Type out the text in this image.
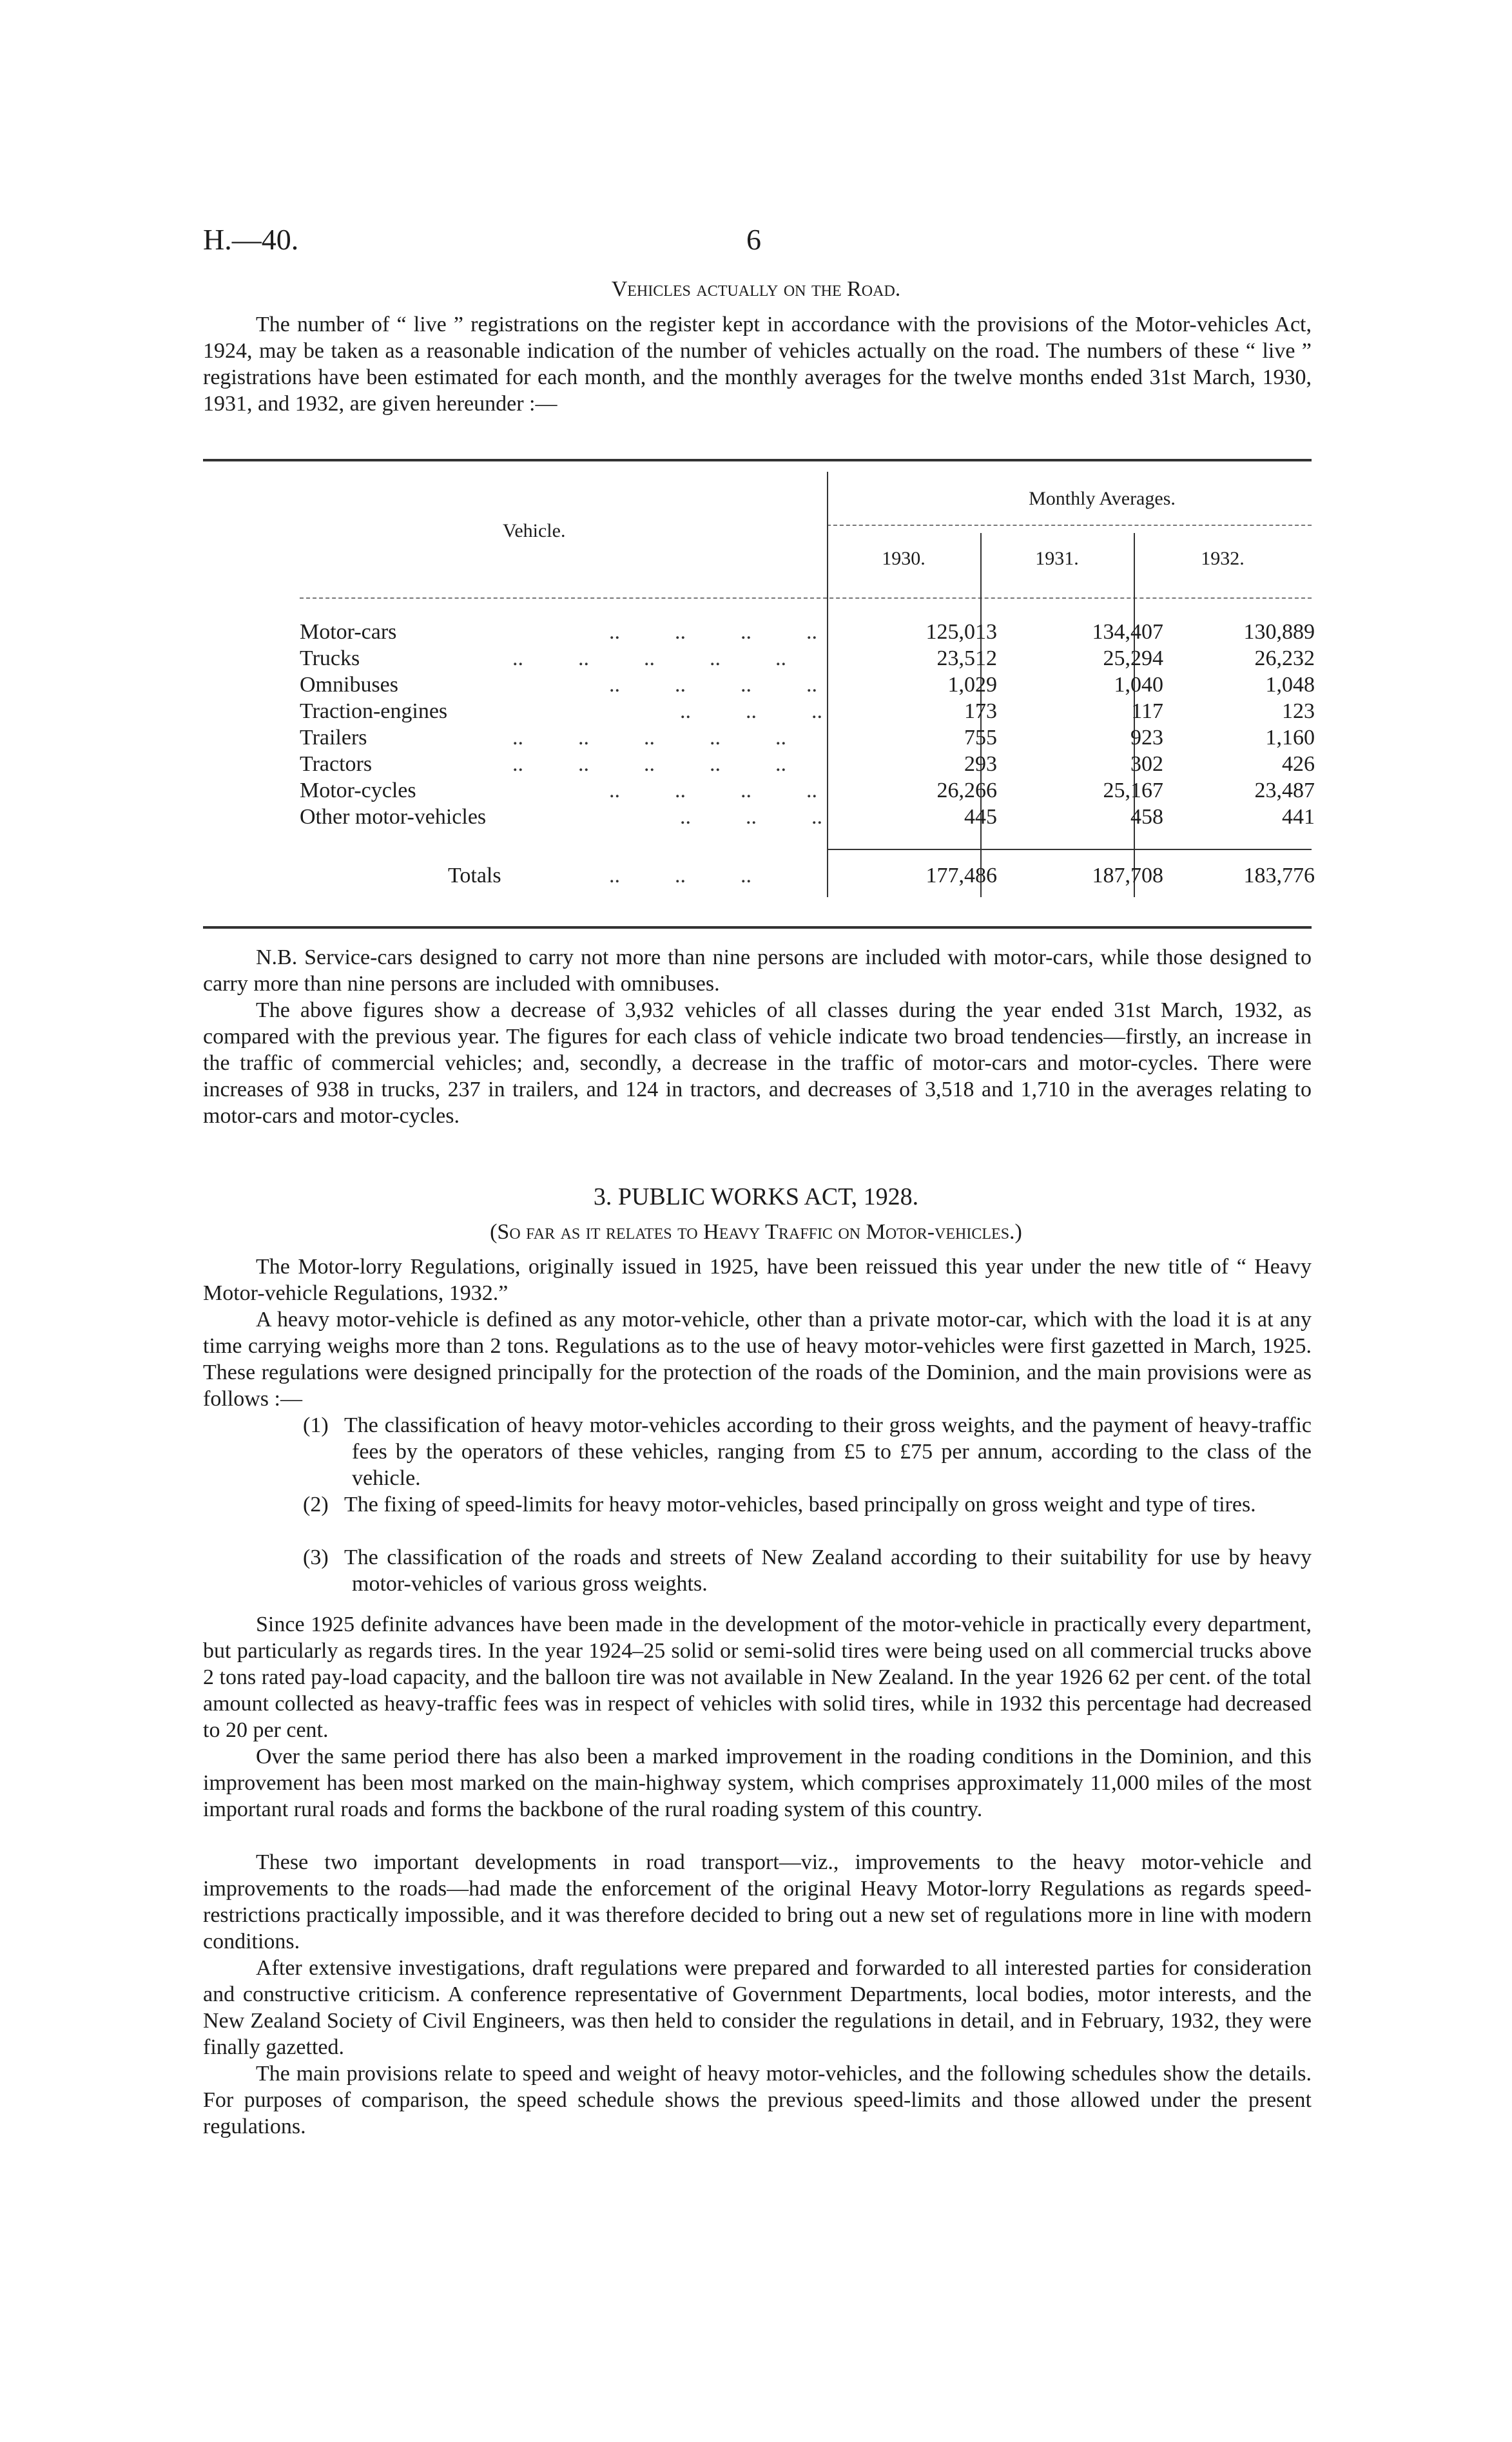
H.—40.	6
Vehicles actually on the Road.

The number of “ live ” registrations on the register kept in accordance with the provisions of the Motor-vehicles Act, 1924, may be taken as a reasonable indication of the number of vehicles actually on the road. The numbers of these “ live ” registrations have been estimated for each month, and the monthly averages for the twelve months ended 31st March, 1930, 1931, and 1932, are given hereunder :—

Vehicle.
Monthly Averages.
1930.	1931.	1932.
Motor-cars	..          ..          ..          ..	125,013	134,407	130,889
Trucks	..          ..          ..          ..          ..	23,512	25,294	26,232
Omnibuses	..          ..          ..          ..	1,029	1,040	1,048
Traction-engines	..          ..          ..	173	117	123
Trailers	..          ..          ..          ..          ..	755	923	1,160
Tractors	..          ..          ..          ..          ..	293	302	426
Motor-cycles	..          ..          ..          ..	26,266	25,167	23,487
Other motor-vehicles	..          ..          ..	445	458	441
Totals	..          ..          ..	177,486	187,708	183,776

N.B. Service-cars designed to carry not more than nine persons are included with motor-cars, while those designed to carry more than nine persons are included with omnibuses.

The above figures show a decrease of 3,932 vehicles of all classes during the year ended 31st March, 1932, as compared with the previous year. The figures for each class of vehicle indicate two broad tendencies—firstly, an increase in the traffic of commercial vehicles; and, secondly, a decrease in the traffic of motor-cars and motor-cycles. There were increases of 938 in trucks, 237 in trailers, and 124 in tractors, and decreases of 3,518 and 1,710 in the averages relating to motor-cars and motor-cycles.

3. PUBLIC WORKS ACT, 1928.
(So far as it relates to Heavy Traffic on Motor-vehicles.)

The Motor-lorry Regulations, originally issued in 1925, have been reissued this year under the new title of “ Heavy Motor-vehicle Regulations, 1932.”

A heavy motor-vehicle is defined as any motor-vehicle, other than a private motor-car, which with the load it is at any time carrying weighs more than 2 tons. Regulations as to the use of heavy motor-vehicles were first gazetted in March, 1925. These regulations were designed principally for the protection of the roads of the Dominion, and the main provisions were as follows :—

(1) The classification of heavy motor-vehicles according to their gross weights, and the payment of heavy-traffic fees by the operators of these vehicles, ranging from £5 to £75 per annum, according to the class of the vehicle.
(2) The fixing of speed-limits for heavy motor-vehicles, based principally on gross weight and type of tires.
(3) The classification of the roads and streets of New Zealand according to their suitability for use by heavy motor-vehicles of various gross weights.

Since 1925 definite advances have been made in the development of the motor-vehicle in practically every department, but particularly as regards tires. In the year 1924–25 solid or semi-solid tires were being used on all commercial trucks above 2 tons rated pay-load capacity, and the balloon tire was not available in New Zealand. In the year 1926 62 per cent. of the total amount collected as heavy-traffic fees was in respect of vehicles with solid tires, while in 1932 this percentage had decreased to 20 per cent.

Over the same period there has also been a marked improvement in the roading conditions in the Dominion, and this improvement has been most marked on the main-highway system, which comprises approximately 11,000 miles of the most important rural roads and forms the backbone of the rural roading system of this country.

These two important developments in road transport—viz., improvements to the heavy motor-vehicle and improvements to the roads—had made the enforcement of the original Heavy Motor-lorry Regulations as regards speed-restrictions practically impossible, and it was therefore decided to bring out a new set of regulations more in line with modern conditions.

After extensive investigations, draft regulations were prepared and forwarded to all interested parties for consideration and constructive criticism. A conference representative of Government Departments, local bodies, motor interests, and the New Zealand Society of Civil Engineers, was then held to consider the regulations in detail, and in February, 1932, they were finally gazetted.

The main provisions relate to speed and weight of heavy motor-vehicles, and the following schedules show the details. For purposes of comparison, the speed schedule shows the previous speed-limits and those allowed under the present regulations.
